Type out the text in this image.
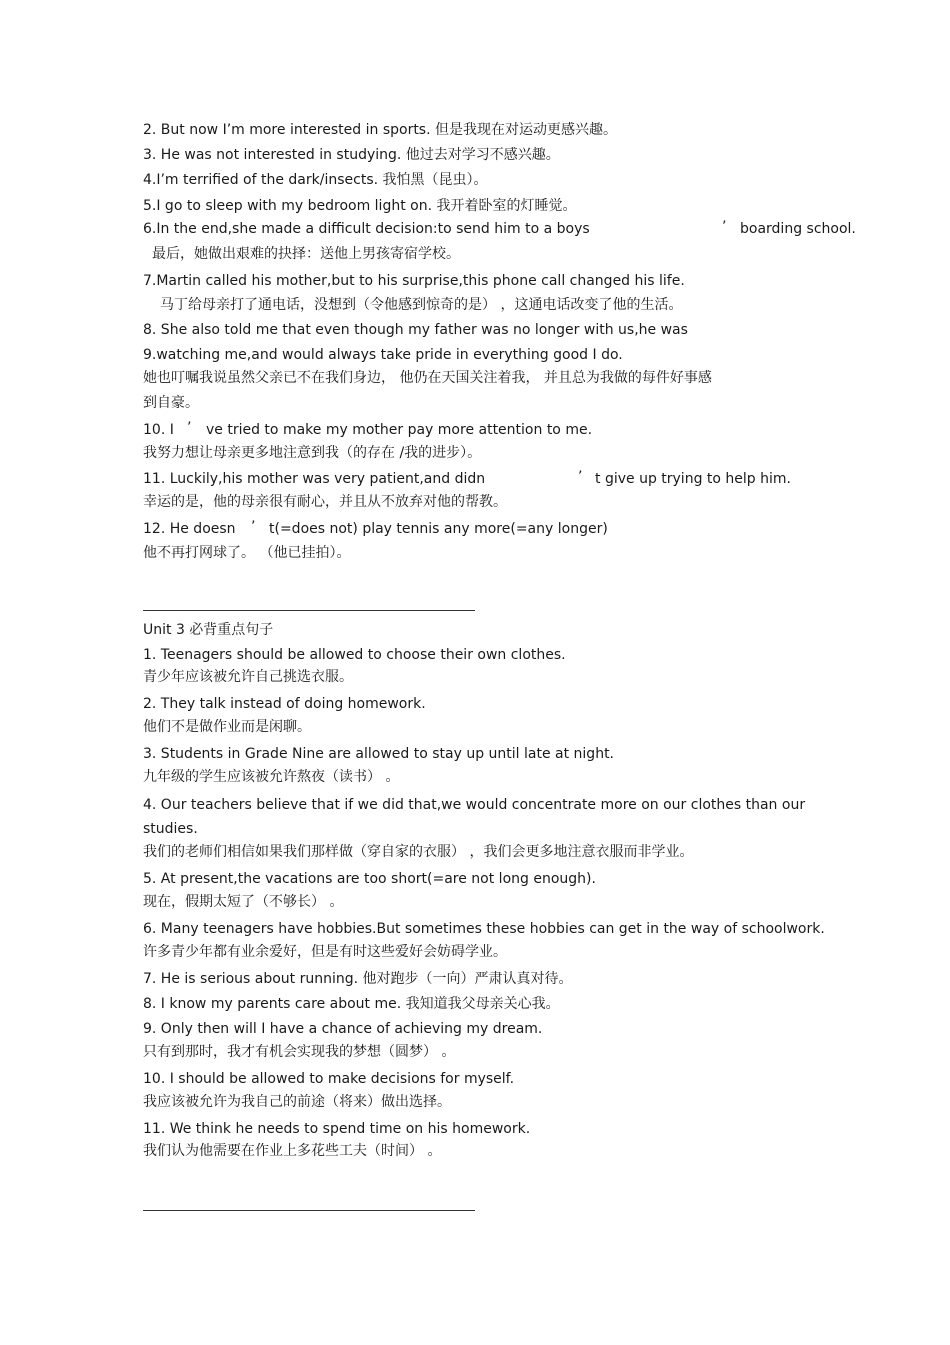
2. But now I’m more interested in sports. 但是我现在对运动更感兴趣。
3. He was not interested in studying. 他过去对学习不感兴趣。
4.I’m terrified of the dark/insects. 我怕黑（昆虫）。
5.I go to sleep with my bedroom light on. 我开着卧室的灯睡觉。
6.In the end,she made a difficult decision:to send him to a boys	’ boarding school.
最后，她做出艰难的抉择：送他上男孩寄宿学校。
7.Martin called his mother,but to his surprise,this phone call changed his life.
马丁给母亲打了通电话，没想到（令他感到惊奇的是） ，这通电话改变了他的生活。
8. She also told me that even though my father was no longer with us,he was
9.watching me,and would always take pride in everything good I do.
她也叮嘱我说虽然父亲已不在我们身边， 他仍在天国关注着我， 并且总为我做的每件好事感
到自豪。
10. I ’ ve tried to make my mother pay more attention to me.
我努力想让母亲更多地注意到我（的存在 /我的进步）。
11. Luckily,his mother was very patient,and didn	’ t give up trying to help him.
幸运的是，他的母亲很有耐心，并且从不放弃对他的帮教。
12. He doesn ’ t(=does not) play tennis any more(=any longer)
他不再打网球了。 （他已挂拍）。
Unit 3 必背重点句子
1. Teenagers should be allowed to choose their own clothes.
青少年应该被允许自己挑选衣服。
2. They talk instead of doing homework.
他们不是做作业而是闲聊。
3. Students in Grade Nine are allowed to stay up until late at night.
九年级的学生应该被允许熬夜（读书） 。
4. Our teachers believe that if we did that,we would concentrate more on our clothes than our
studies.
我们的老师们相信如果我们那样做（穿自家的衣服） ，我们会更多地注意衣服而非学业。
5. At present,the vacations are too short(=are not long enough).
现在，假期太短了（不够长） 。
6. Many teenagers have hobbies.But sometimes these hobbies can get in the way of schoolwork.
许多青少年都有业余爱好，但是有时这些爱好会妨碍学业。
7. He is serious about running. 他对跑步（一向）严肃认真对待。
8. I know my parents care about me. 我知道我父母亲关心我。
9. Only then will I have a chance of achieving my dream.
只有到那时，我才有机会实现我的梦想（圆梦） 。
10. I should be allowed to make decisions for myself.
我应该被允许为我自己的前途（将来）做出选择。
11. We think he needs to spend time on his homework.
我们认为他需要在作业上多花些工夫（时间） 。
